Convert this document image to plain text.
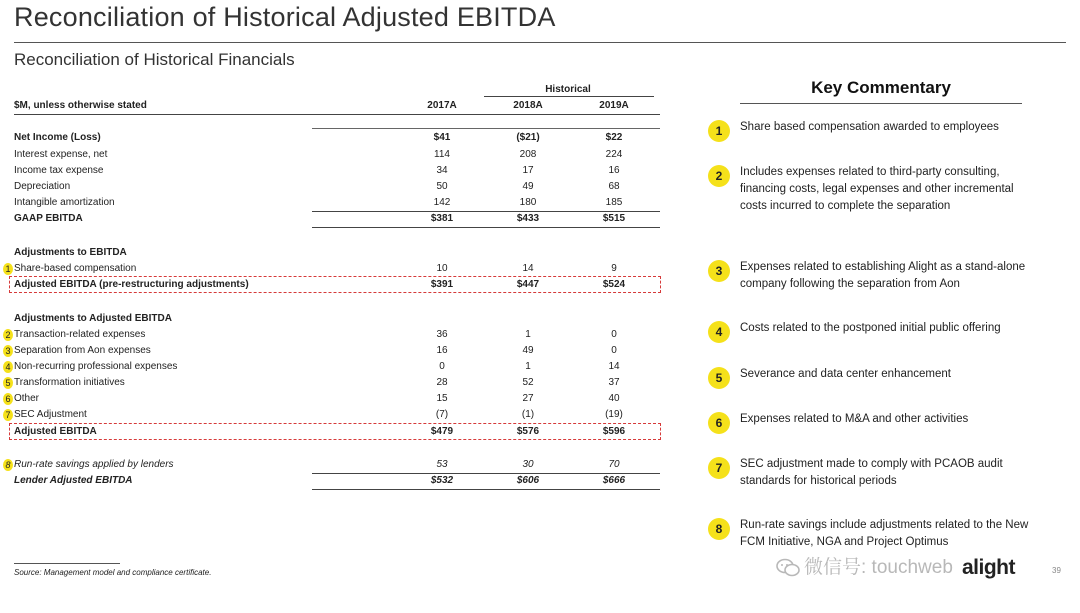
Reconciliation of Historical Adjusted EBITDA
Reconciliation of Historical Financials
Historical
$M, unless otherwise stated	2017A	2018A	2019A
Net Income (Loss)	$41	($21)	$22
Interest expense, net	114	208	224
Income tax expense	34	17	16
Depreciation	50	49	68
Intangible amortization	142	180	185
GAAP EBITDA	$381	$433	$515
Adjustments to EBITDA
1 Share-based compensation	10	14	9
Adjusted EBITDA (pre-restructuring adjustments)	$391	$447	$524
Adjustments to Adjusted EBITDA
2 Transaction-related expenses	36	1	0
3 Separation from Aon expenses	16	49	0
4 Non-recurring professional expenses	0	1	14
5 Transformation initiatives	28	52	37
6 Other	15	27	40
7 SEC Adjustment	(7)	(1)	(19)
Adjusted EBITDA	$479	$576	$596
8 Run-rate savings applied by lenders	53	30	70
Lender Adjusted EBITDA	$532	$606	$666
Source: Management model and compliance certificate.
Key Commentary
1	Share based compensation awarded to employees
2	Includes expenses related to third-party consulting, financing costs, legal expenses and other incremental costs incurred to complete the separation
3	Expenses related to establishing Alight as a stand-alone company following the separation from Aon
4	Costs related to the postponed initial public offering
5	Severance and data center enhancement
6	Expenses related to M&A and other activities
7	SEC adjustment made to comply with PCAOB audit standards for historical periods
8	Run-rate savings include adjustments related to the New FCM Initiative, NGA and Project Optimus
微信号: touchweb alight	39
